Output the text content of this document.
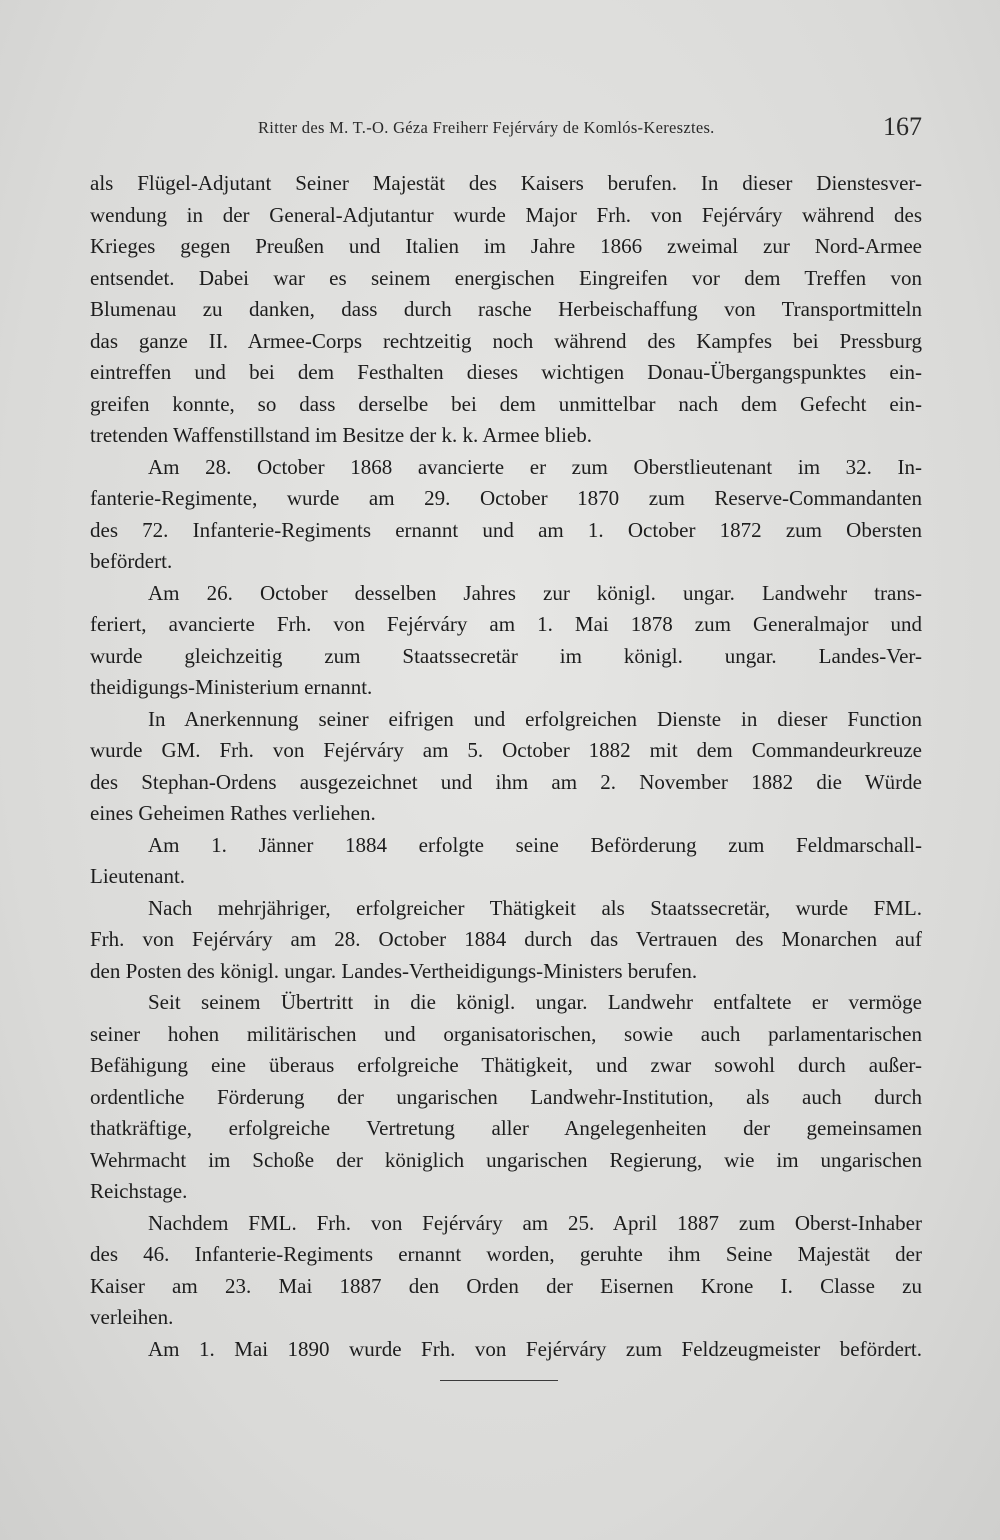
Ritter des M. T.-O. Géza Freiherr Fejérváry de Komlós-Keresztes.	167
als Flügel-Adjutant Seiner Majestät des Kaisers berufen. In dieser Dienstesver-
wendung in der General-Adjutantur wurde Major Frh. von Fejérváry während des
Krieges gegen Preußen und Italien im Jahre 1866 zweimal zur Nord-Armee
entsendet. Dabei war es seinem energischen Eingreifen vor dem Treffen von
Blumenau zu danken, dass durch rasche Herbeischaffung von Transportmitteln
das ganze II. Armee-Corps rechtzeitig noch während des Kampfes bei Pressburg
eintreffen und bei dem Festhalten dieses wichtigen Donau-Übergangspunktes ein-
greifen konnte, so dass derselbe bei dem unmittelbar nach dem Gefecht ein-
tretenden Waffenstillstand im Besitze der k. k. Armee blieb.
Am 28. October 1868 avancierte er zum Oberstlieutenant im 32. In-
fanterie-Regimente, wurde am 29. October 1870 zum Reserve-Commandanten
des 72. Infanterie-Regiments ernannt und am 1. October 1872 zum Obersten
befördert.
Am 26. October desselben Jahres zur königl. ungar. Landwehr trans-
feriert, avancierte Frh. von Fejérváry am 1. Mai 1878 zum Generalmajor und
wurde gleichzeitig zum Staatssecretär im königl. ungar. Landes-Ver-
theidigungs-Ministerium ernannt.
In Anerkennung seiner eifrigen und erfolgreichen Dienste in dieser Function
wurde GM. Frh. von Fejérváry am 5. October 1882 mit dem Commandeurkreuze
des Stephan-Ordens ausgezeichnet und ihm am 2. November 1882 die Würde
eines Geheimen Rathes verliehen.
Am 1. Jänner 1884 erfolgte seine Beförderung zum Feldmarschall-
Lieutenant.
Nach mehrjähriger, erfolgreicher Thätigkeit als Staatssecretär, wurde FML.
Frh. von Fejérváry am 28. October 1884 durch das Vertrauen des Monarchen auf
den Posten des königl. ungar. Landes-Vertheidigungs-Ministers berufen.
Seit seinem Übertritt in die königl. ungar. Landwehr entfaltete er vermöge
seiner hohen militärischen und organisatorischen, sowie auch parlamentarischen
Befähigung eine überaus erfolgreiche Thätigkeit, und zwar sowohl durch außer-
ordentliche Förderung der ungarischen Landwehr-Institution, als auch durch
thatkräftige, erfolgreiche Vertretung aller Angelegenheiten der gemeinsamen
Wehrmacht im Schoße der königlich ungarischen Regierung, wie im ungarischen
Reichstage.
Nachdem FML. Frh. von Fejérváry am 25. April 1887 zum Oberst-Inhaber
des 46. Infanterie-Regiments ernannt worden, geruhte ihm Seine Majestät der
Kaiser am 23. Mai 1887 den Orden der Eisernen Krone I. Classe zu
verleihen.
Am 1. Mai 1890 wurde Frh. von Fejérváry zum Feldzeugmeister befördert.
